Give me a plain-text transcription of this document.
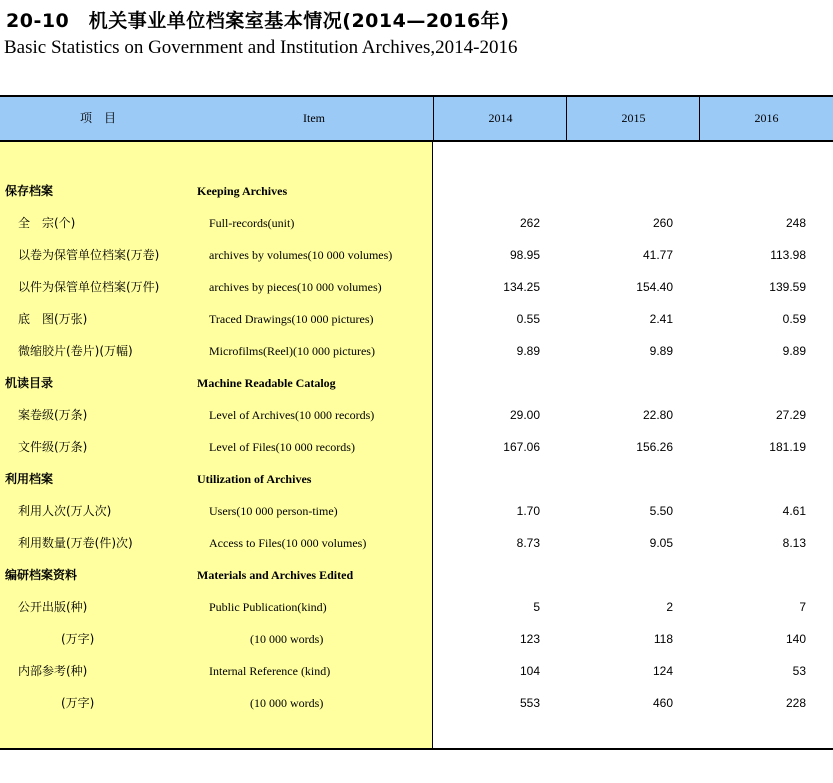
20-10　机关事业单位档案室基本情况(2014—2016年)
Basic Statistics on Government and Institution Archives,2014-2016
项　目	Item	2014	2015	2016
保存档案	Keeping Archives
全　宗(个)	Full-records(unit)	262	260	248
以卷为保管单位档案(万卷)	archives by volumes(10 000 volumes)	98.95	41.77	113.98
以件为保管单位档案(万件)	archives by pieces(10 000 volumes)	134.25	154.40	139.59
底　图(万张)	Traced Drawings(10 000 pictures)	0.55	2.41	0.59
微缩胶片(卷片)(万幅)	Microfilms(Reel)(10 000 pictures)	9.89	9.89	9.89
机读目录	Machine Readable Catalog
案卷级(万条)	Level of Archives(10 000 records)	29.00	22.80	27.29
文件级(万条)	Level of Files(10 000 records)	167.06	156.26	181.19
利用档案	Utilization of Archives
利用人次(万人次)	Users(10 000 person-time)	1.70	5.50	4.61
利用数量(万卷(件)次)	Access to Files(10 000 volumes)	8.73	9.05	8.13
编研档案资料	Materials and Archives Edited
公开出版(种)	Public Publication(kind)	5	2	7
(万字)	(10 000 words)	123	118	140
内部参考(种)	Internal Reference (kind)	104	124	53
(万字)	(10 000 words)	553	460	228
